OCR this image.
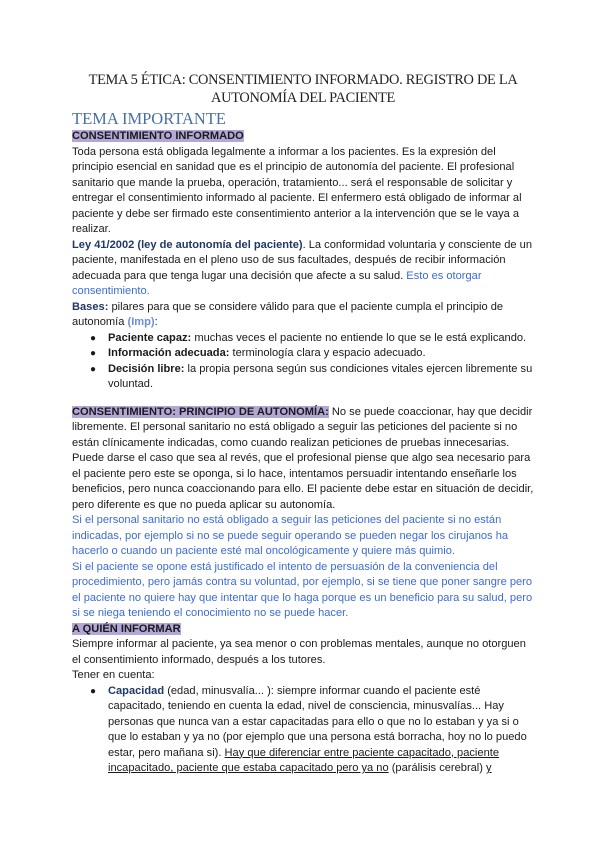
TEMA 5 ÉTICA: CONSENTIMIENTO INFORMADO. REGISTRO DE LA AUTONOMÍA DEL PACIENTE
TEMA IMPORTANTE

CONSENTIMIENTO INFORMADO

Toda persona está obligada legalmente a informar a los pacientes. Es la expresión del principio esencial en sanidad que es el principio de autonomía del paciente. El profesional sanitario que mande la prueba, operación, tratamiento... será el responsable de solicitar y entregar el consentimiento informado al paciente. El enfermero está obligado de informar al paciente y debe ser firmado este consentimiento anterior a la intervención que se le vaya a realizar.

Ley 41/2002 (ley de autonomía del paciente). La conformidad voluntaria y consciente de un paciente, manifestada en el pleno uso de sus facultades, después de recibir información adecuada para que tenga lugar una decisión que afecte a su salud. Esto es otorgar consentimiento.

Bases: pilares para que se considere válido para que el paciente cumpla el principio de autonomía (Imp):

● Paciente capaz: muchas veces el paciente no entiende lo que se le está explicando.
● Información adecuada: terminología clara y espacio adecuado.
● Decisión libre: la propia persona según sus condiciones vitales ejercen libremente su voluntad.

CONSENTIMIENTO: PRINCIPIO DE AUTONOMÍA: No se puede coaccionar, hay que decidir libremente. El personal sanitario no está obligado a seguir las peticiones del paciente si no están clínicamente indicadas, como cuando realizan peticiones de pruebas innecesarias.

Puede darse el caso que sea al revés, que el profesional piense que algo sea necesario para el paciente pero este se oponga, si lo hace, intentamos persuadir intentando enseñarle los beneficios, pero nunca coaccionando para ello. El paciente debe estar en situación de decidir, pero diferente es que no pueda aplicar su autonomía.

Si el personal sanitario no está obligado a seguir las peticiones del paciente si no están indicadas, por ejemplo si no se puede seguir operando se pueden negar los cirujanos ha hacerlo o cuando un paciente esté mal oncológicamente y quiere más quimio.

Si el paciente se opone está justificado el intento de persuasión de la conveniencia del procedimiento, pero jamás contra su voluntad, por ejemplo, si se tiene que poner sangre pero el paciente no quiere hay que intentar que lo haga porque es un beneficio para su salud, pero si se niega teniendo el conocimiento no se puede hacer.

A QUIÉN INFORMAR

Siempre informar al paciente, ya sea menor o con problemas mentales, aunque no otorguen el consentimiento informado, después a los tutores.

Tener en cuenta:

● Capacidad (edad, minusvalía... ): siempre informar cuando el paciente esté capacitado, teniendo en cuenta la edad, nivel de consciencia, minusvalías... Hay personas que nunca van a estar capacitadas para ello o que no lo estaban y ya si o que lo estaban y ya no (por ejemplo que una persona está borracha, hoy no lo puedo estar, pero mañana si). Hay que diferenciar entre paciente capacitado, paciente incapacitado, paciente que estaba capacitado pero ya no (parálisis cerebral) y
